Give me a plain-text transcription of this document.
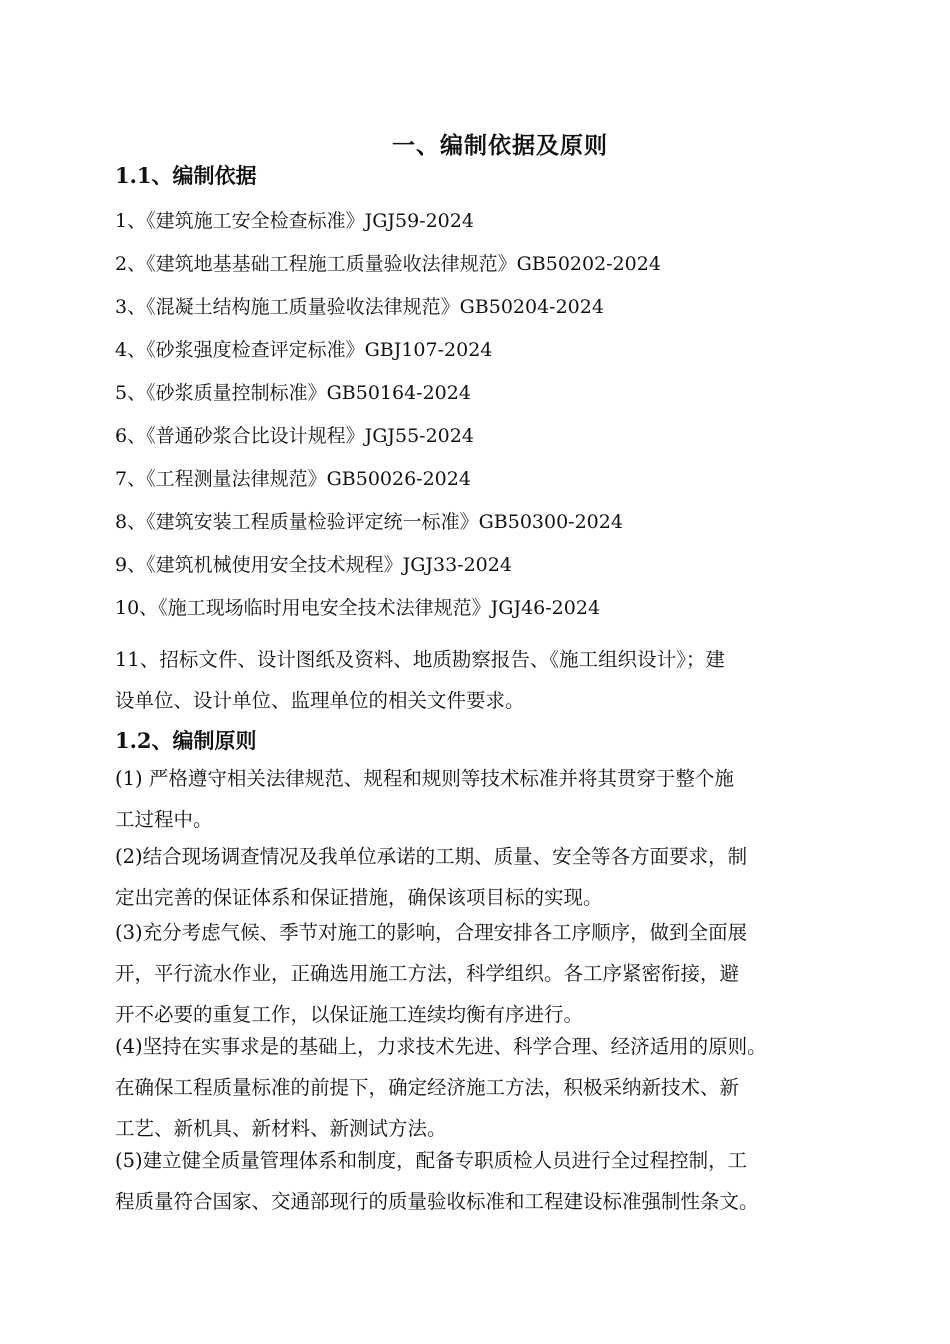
一、编制依据及原则
1.1、编制依据
1、《建筑施工安全检查标准》JGJ59-2024
2、《建筑地基基础工程施工质量验收法律规范》GB50202-2024
3、《混凝土结构施工质量验收法律规范》GB50204-2024
4、《砂浆强度检查评定标准》GBJ107-2024
5、《砂浆质量控制标准》GB50164-2024
6、《普通砂浆合比设计规程》JGJ55-2024
7、《工程测量法律规范》GB50026-2024
8、《建筑安装工程质量检验评定统一标准》GB50300-2024
9、《建筑机械使用安全技术规程》JGJ33-2024
10、《施工现场临时用电安全技术法律规范》JGJ46-2024
11、招标文件、设计图纸及资料、地质勘察报告、《施工组织设计》；建
设单位、设计单位、监理单位的相关文件要求。
1.2、编制原则
(1) 严格遵守相关法律规范、规程和规则等技术标准并将其贯穿于整个施
工过程中。
(2)结合现场调查情况及我单位承诺的工期、质量、安全等各方面要求，制
定出完善的保证体系和保证措施，确保该项目标的实现。
(3)充分考虑气候、季节对施工的影响，合理安排各工序顺序，做到全面展
开，平行流水作业，正确选用施工方法，科学组织。各工序紧密衔接，避
开不必要的重复工作，以保证施工连续均衡有序进行。
(4)坚持在实事求是的基础上，力求技术先进、科学合理、经济适用的原则。
在确保工程质量标准的前提下，确定经济施工方法，积极采纳新技术、新
工艺、新机具、新材料、新测试方法。
(5)建立健全质量管理体系和制度，配备专职质检人员进行全过程控制，工
程质量符合国家、交通部现行的质量验收标准和工程建设标准强制性条文。
